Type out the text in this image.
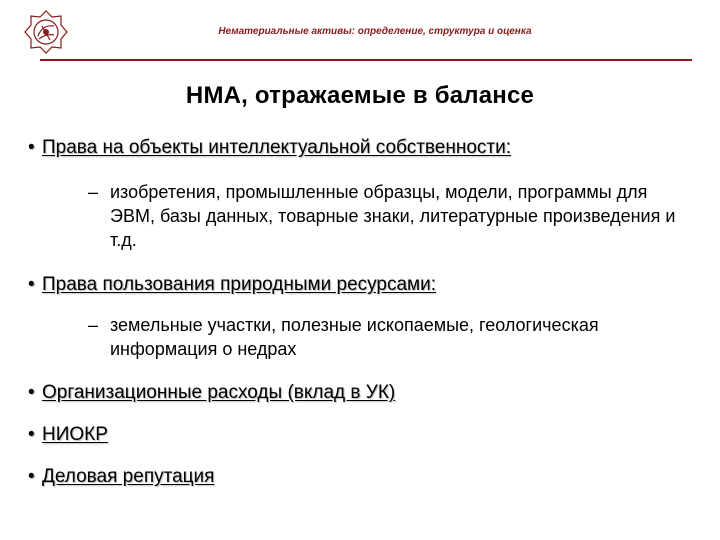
Нематериальные активы: определение, структура и оценка
НМА, отражаемые в балансе
• Права на объекты интеллектуальной собственности:
– изобретения, промышленные образцы, модели, программы для ЭВМ, базы данных, товарные знаки, литературные произведения и т.д.
• Права пользования природными ресурсами:
– земельные участки, полезные ископаемые, геологическая информация о недрах
• Организационные расходы (вклад в УК)
• НИОКР
• Деловая репутация
